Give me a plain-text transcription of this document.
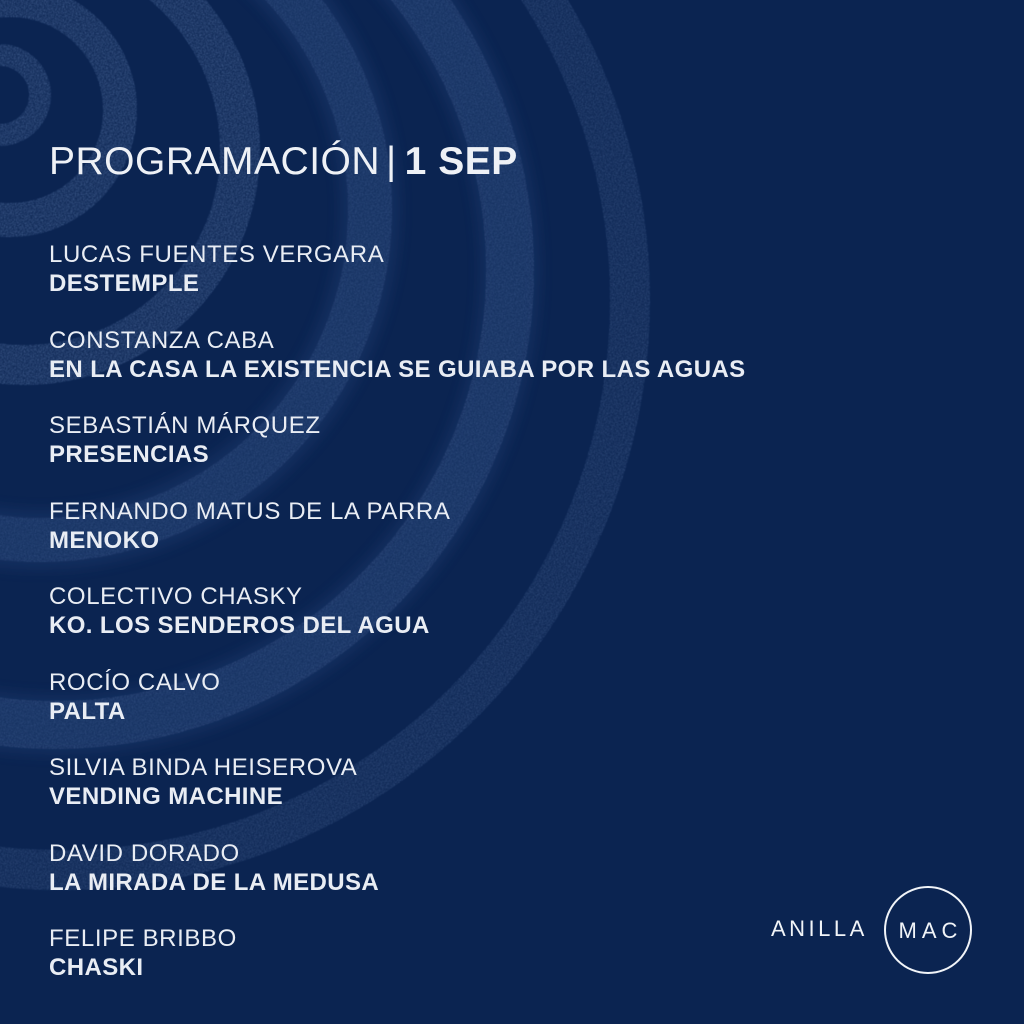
PROGRAMACIÓN | 1 SEP
LUCAS FUENTES VERGARA
DESTEMPLE
CONSTANZA CABA
EN LA CASA LA EXISTENCIA SE GUIABA POR LAS AGUAS
SEBASTIÁN MÁRQUEZ
PRESENCIAS
FERNANDO MATUS DE LA PARRA
MENOKO
COLECTIVO CHASKY
KO. LOS SENDEROS DEL AGUA
ROCÍO CALVO
PALTA
SILVIA BINDA HEISEROVA
VENDING MACHINE
DAVID DORADO
LA MIRADA DE LA MEDUSA
FELIPE BRIBBO
CHASKI
ANILLA	MAC
